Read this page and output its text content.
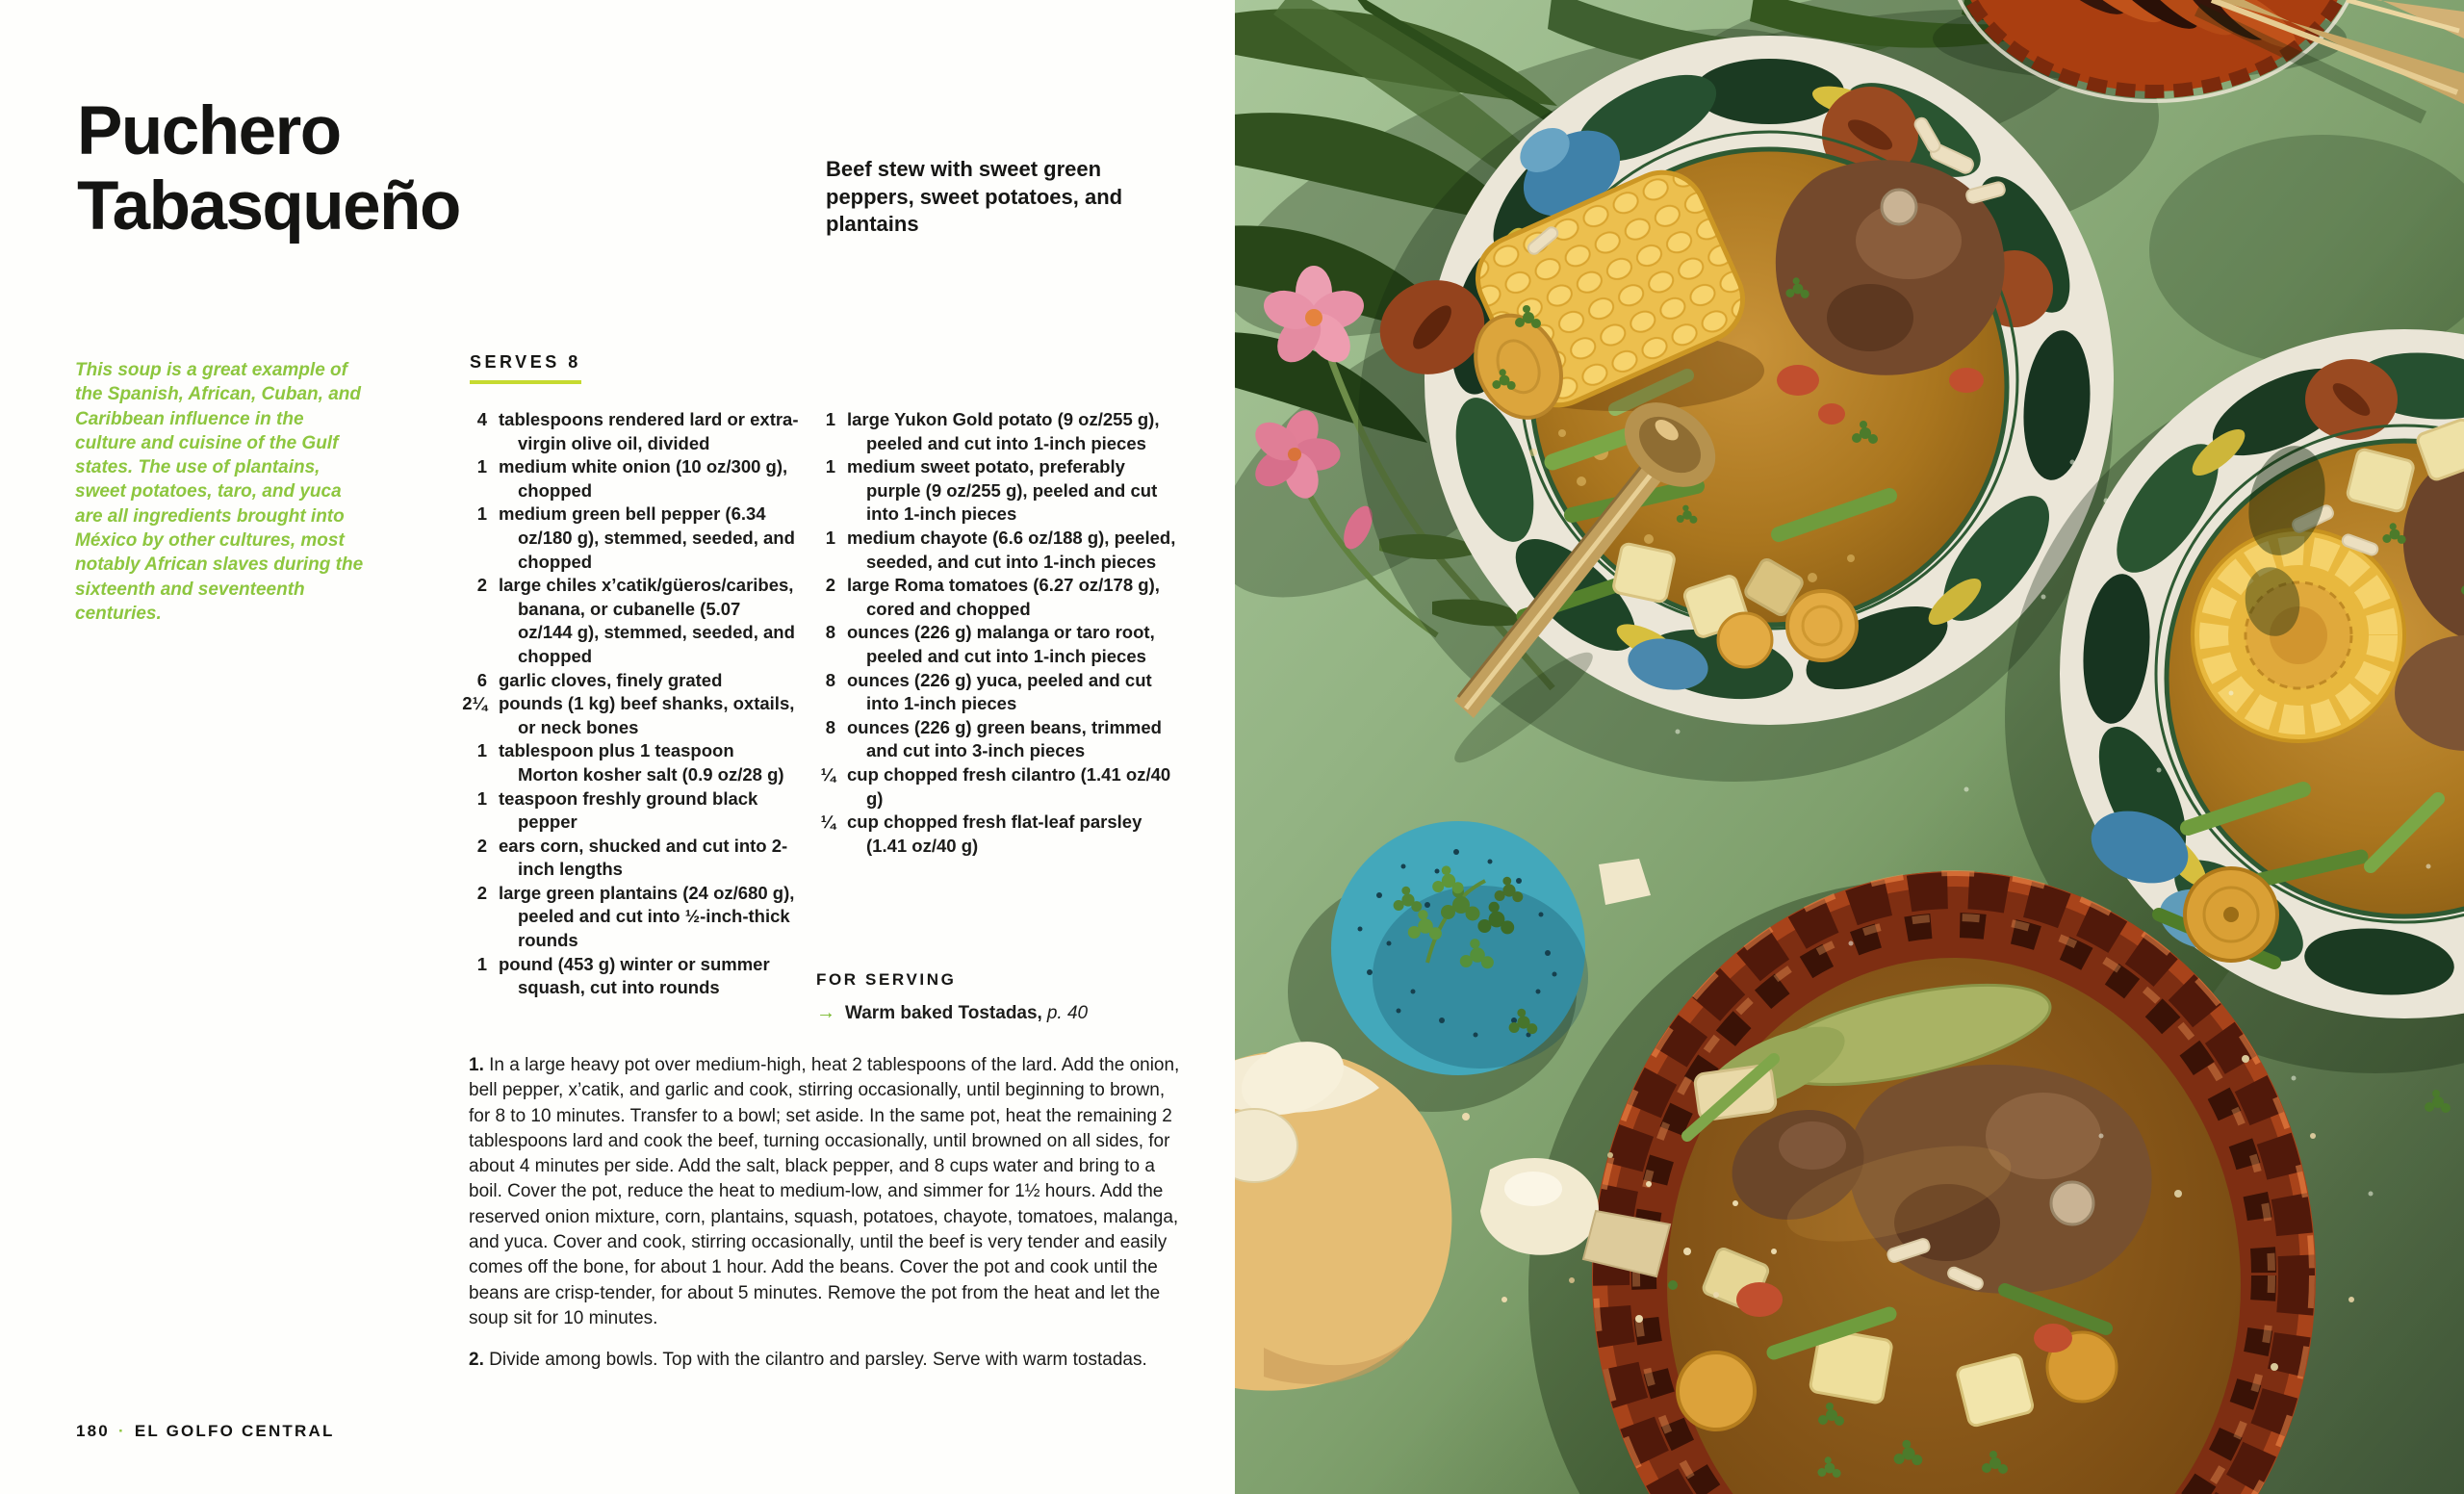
Puchero
Tabasqueño

This soup is a great example of the Spanish, African, Cuban, and Caribbean influence in the culture and cuisine of the Gulf states. The use of plantains, sweet potatoes, taro, and yuca are all ingredients brought into México by other cultures, most notably African slaves during the sixteenth and seventeenth centuries.

Beef stew with sweet green peppers, sweet potatoes, and plantains

SERVES 8
4 tablespoons rendered lard or extra-virgin olive oil, divided
1 medium white onion (10 oz/300 g), chopped
1 medium green bell pepper (6.34 oz/180 g), stemmed, seeded, and chopped
2 large chiles x’catik/güeros/caribes, banana, or cubanelle (5.07 oz/144 g), stemmed, seeded, and chopped
6 garlic cloves, finely grated
2¼ pounds (1 kg) beef shanks, oxtails, or neck bones
1 tablespoon plus 1 teaspoon Morton kosher salt (0.9 oz/28 g)
1 teaspoon freshly ground black pepper
2 ears corn, shucked and cut into 2-inch lengths
2 large green plantains (24 oz/680 g), peeled and cut into ½-inch-thick rounds
1 pound (453 g) winter or summer squash, cut into rounds
1 large Yukon Gold potato (9 oz/255 g), peeled and cut into 1-inch pieces
1 medium sweet potato, preferably purple (9 oz/255 g), peeled and cut into 1-inch pieces
1 medium chayote (6.6 oz/188 g), peeled, seeded, and cut into 1-inch pieces
2 large Roma tomatoes (6.27 oz/178 g), cored and chopped
8 ounces (226 g) malanga or taro root, peeled and cut into 1-inch pieces
8 ounces (226 g) yuca, peeled and cut into 1-inch pieces
8 ounces (226 g) green beans, trimmed and cut into 3-inch pieces
¼ cup chopped fresh cilantro (1.41 oz/40 g)
¼ cup chopped fresh flat-leaf parsley (1.41 oz/40 g)
FOR SERVING
→ Warm baked Tostadas, p. 40

1. In a large heavy pot over medium-high, heat 2 tablespoons of the lard. Add the onion, bell pepper, x’catik, and garlic and cook, stirring occasionally, until beginning to brown, for 8 to 10 minutes. Transfer to a bowl; set aside. In the same pot, heat the remaining 2 tablespoons lard and cook the beef, turning occasionally, until browned on all sides, for about 4 minutes per side. Add the salt, black pepper, and 8 cups water and bring to a boil. Cover the pot, reduce the heat to medium-low, and simmer for 1½ hours. Add the reserved onion mixture, corn, plantains, squash, potatoes, chayote, tomatoes, malanga, and yuca. Cover and cook, stirring occasionally, until the beef is very tender and easily comes off the bone, for about 1 hour. Add the beans. Cover the pot and cook until the beans are crisp-tender, for about 5 minutes. Remove the pot from the heat and let the soup sit for 10 minutes.

2. Divide among bowls. Top with the cilantro and parsley. Serve with warm tostadas.

180 · EL GOLFO CENTRAL
